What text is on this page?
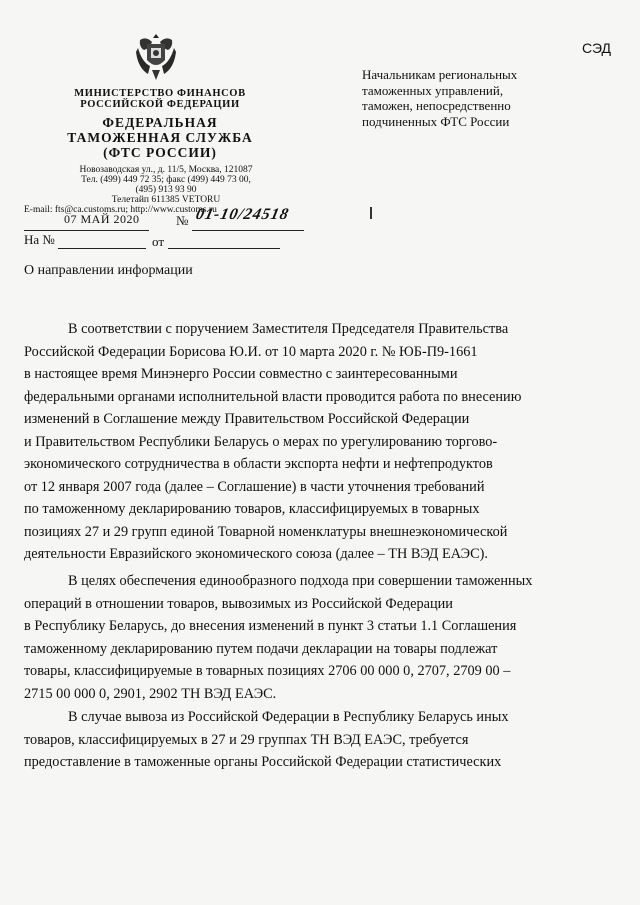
МИНИСТЕРСТВО ФИНАНСОВ
РОССИЙСКОЙ ФЕДЕРАЦИИ
ФЕДЕРАЛЬНАЯ
ТАМОЖЕННАЯ СЛУЖБА
(ФТС РОССИИ)
Новозаводская ул., д. 11/5, Москва, 121087
Тел. (499) 449 72 35; факс (499) 449 73 00,
(495) 913 93 90
Телетайп 611385 VETORU
E-mail: fts@ca.customs.ru; http://www.customs.ru
СЭД
Начальникам региональных
таможенных управлений,
таможен, непосредственно
подчиненных ФТС России
07 МАЙ 2020	№ 01-10/24518
На №	от
О направлении информации
В соответствии с поручением Заместителя Председателя Правительства
Российской Федерации Борисова Ю.И. от 10 марта 2020 г. № ЮБ-П9-1661
в настоящее время Минэнерго России совместно с заинтересованными
федеральными органами исполнительной власти проводится работа по внесению
изменений в Соглашение между Правительством Российской Федерации
и Правительством Республики Беларусь о мерах по урегулированию торгово-
экономического сотрудничества в области экспорта нефти и нефтепродуктов
от 12 января 2007 года (далее – Соглашение) в части уточнения требований
по таможенному декларированию товаров, классифицируемых в товарных
позициях 27 и 29 групп единой Товарной номенклатуры внешнеэкономической
деятельности Евразийского экономического союза (далее – ТН ВЭД ЕАЭС).
В целях обеспечения единообразного подхода при совершении таможенных
операций в отношении товаров, вывозимых из Российской Федерации
в Республику Беларусь, до внесения изменений в пункт 3 статьи 1.1 Соглашения
таможенному декларированию путем подачи декларации на товары подлежат
товары, классифицируемые в товарных позициях 2706 00 000 0, 2707, 2709 00 –
2715 00 000 0, 2901, 2902 ТН ВЭД ЕАЭС.
В случае вывоза из Российской Федерации в Республику Беларусь иных
товаров, классифицируемых в 27 и 29 группах ТН ВЭД ЕАЭС, требуется
предоставление в таможенные органы Российской Федерации статистических
